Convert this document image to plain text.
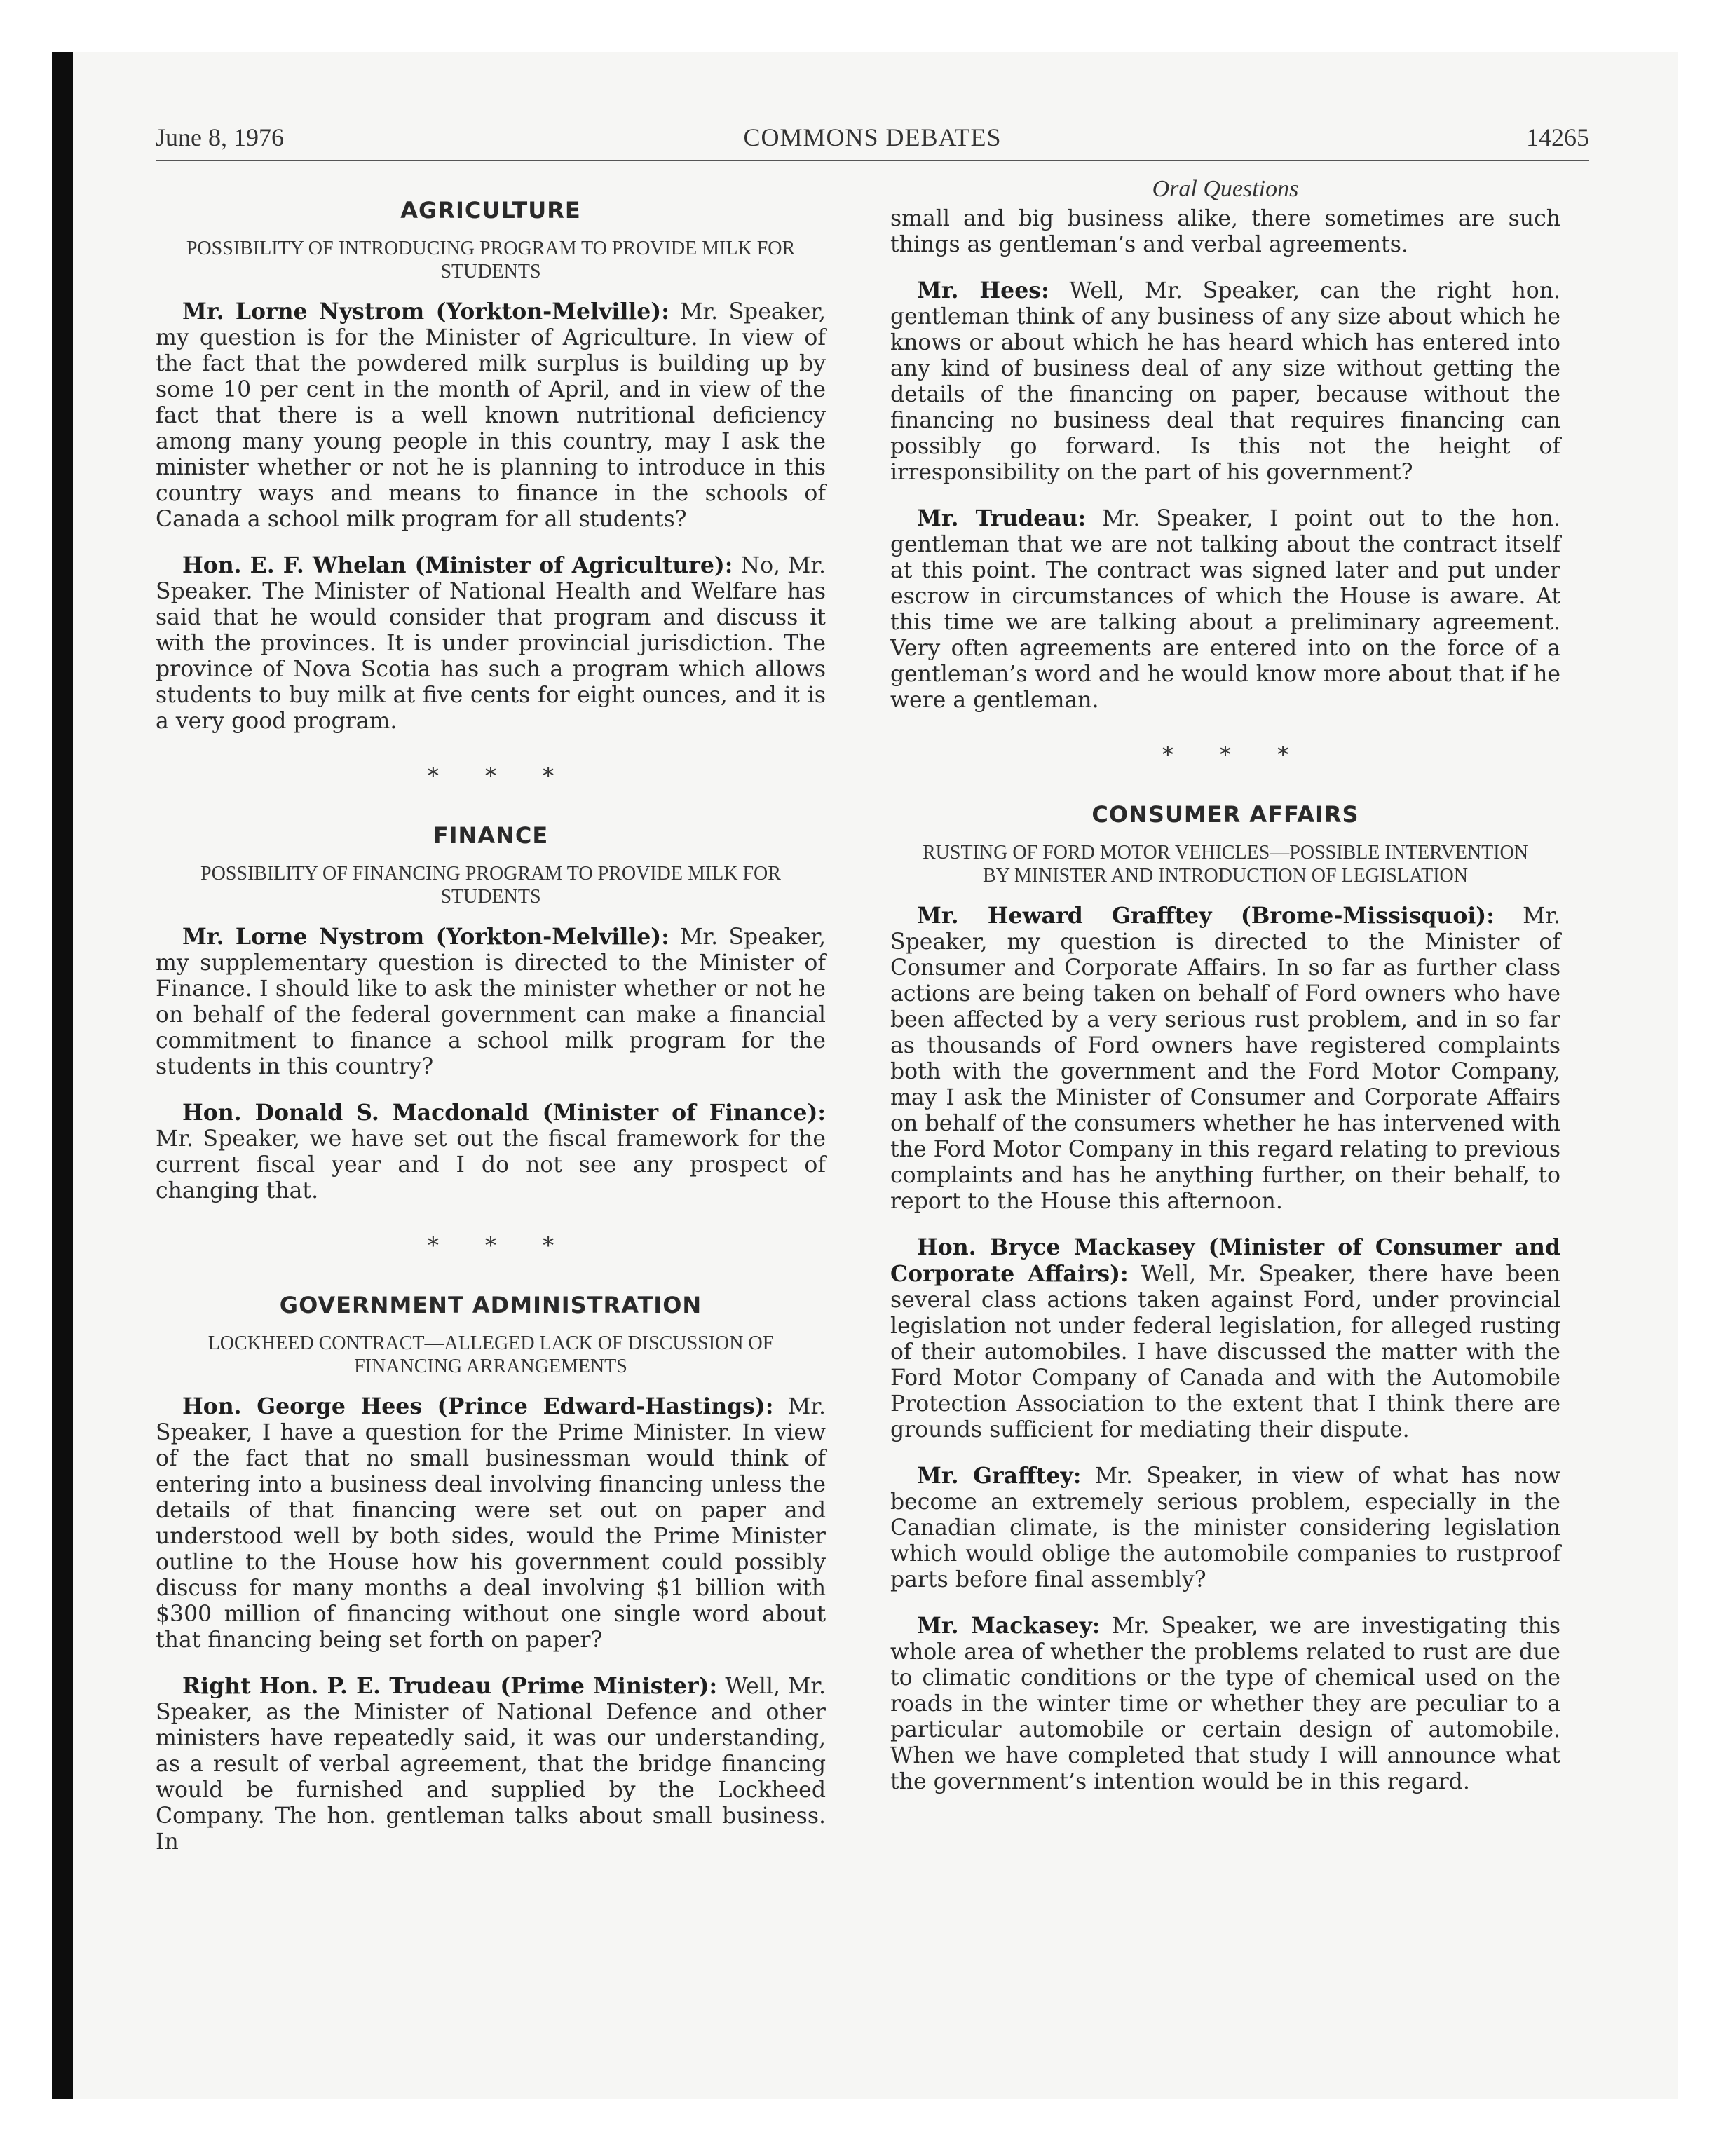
June 8, 1976	COMMONS DEBATES	14265
AGRICULTURE
POSSIBILITY OF INTRODUCING PROGRAM TO PROVIDE MILK FOR STUDENTS

Mr. Lorne Nystrom (Yorkton-Melville): Mr. Speaker, my question is for the Minister of Agriculture. In view of the fact that the powdered milk surplus is building up by some 10 per cent in the month of April, and in view of the fact that there is a well known nutritional deficiency among many young people in this country, may I ask the minister whether or not he is planning to introduce in this country ways and means to finance in the schools of Canada a school milk program for all students?

Hon. E. F. Whelan (Minister of Agriculture): No, Mr. Speaker. The Minister of National Health and Welfare has said that he would consider that program and discuss it with the provinces. It is under provincial jurisdiction. The province of Nova Scotia has such a program which allows students to buy milk at five cents for eight ounces, and it is a very good program.

* * *
FINANCE
POSSIBILITY OF FINANCING PROGRAM TO PROVIDE MILK FOR STUDENTS

Mr. Lorne Nystrom (Yorkton-Melville): Mr. Speaker, my supplementary question is directed to the Minister of Finance. I should like to ask the minister whether or not he on behalf of the federal government can make a financial commitment to finance a school milk program for the students in this country?

Hon. Donald S. Macdonald (Minister of Finance): Mr. Speaker, we have set out the fiscal framework for the current fiscal year and I do not see any prospect of changing that.

* * *
GOVERNMENT ADMINISTRATION
LOCKHEED CONTRACT—ALLEGED LACK OF DISCUSSION OF FINANCING ARRANGEMENTS

Hon. George Hees (Prince Edward-Hastings): Mr. Speaker, I have a question for the Prime Minister. In view of the fact that no small businessman would think of entering into a business deal involving financing unless the details of that financing were set out on paper and understood well by both sides, would the Prime Minister outline to the House how his government could possibly discuss for many months a deal involving $1 billion with $300 million of financing without one single word about that financing being set forth on paper?

Right Hon. P. E. Trudeau (Prime Minister): Well, Mr. Speaker, as the Minister of National Defence and other ministers have repeatedly said, it was our understanding, as a result of verbal agreement, that the bridge financing would be furnished and supplied by the Lockheed Company. The hon. gentleman talks about small business. In

Oral Questions

small and big business alike, there sometimes are such things as gentleman’s and verbal agreements.

Mr. Hees: Well, Mr. Speaker, can the right hon. gentleman think of any business of any size about which he knows or about which he has heard which has entered into any kind of business deal of any size without getting the details of the financing on paper, because without the financing no business deal that requires financing can possibly go forward. Is this not the height of irresponsibility on the part of his government?

Mr. Trudeau: Mr. Speaker, I point out to the hon. gentleman that we are not talking about the contract itself at this point. The contract was signed later and put under escrow in circumstances of which the House is aware. At this time we are talking about a preliminary agreement. Very often agreements are entered into on the force of a gentleman’s word and he would know more about that if he were a gentleman.

* * *
CONSUMER AFFAIRS
RUSTING OF FORD MOTOR VEHICLES—POSSIBLE INTERVENTION BY MINISTER AND INTRODUCTION OF LEGISLATION

Mr. Heward Grafftey (Brome-Missisquoi): Mr. Speaker, my question is directed to the Minister of Consumer and Corporate Affairs. In so far as further class actions are being taken on behalf of Ford owners who have been affected by a very serious rust problem, and in so far as thousands of Ford owners have registered complaints both with the government and the Ford Motor Company, may I ask the Minister of Consumer and Corporate Affairs on behalf of the consumers whether he has intervened with the Ford Motor Company in this regard relating to previous complaints and has he anything further, on their behalf, to report to the House this afternoon.

Hon. Bryce Mackasey (Minister of Consumer and Corporate Affairs): Well, Mr. Speaker, there have been several class actions taken against Ford, under provincial legislation not under federal legislation, for alleged rusting of their automobiles. I have discussed the matter with the Ford Motor Company of Canada and with the Automobile Protection Association to the extent that I think there are grounds sufficient for mediating their dispute.

Mr. Grafftey: Mr. Speaker, in view of what has now become an extremely serious problem, especially in the Canadian climate, is the minister considering legislation which would oblige the automobile companies to rustproof parts before final assembly?

Mr. Mackasey: Mr. Speaker, we are investigating this whole area of whether the problems related to rust are due to climatic conditions or the type of chemical used on the roads in the winter time or whether they are peculiar to a particular automobile or certain design of automobile. When we have completed that study I will announce what the government’s intention would be in this regard.
